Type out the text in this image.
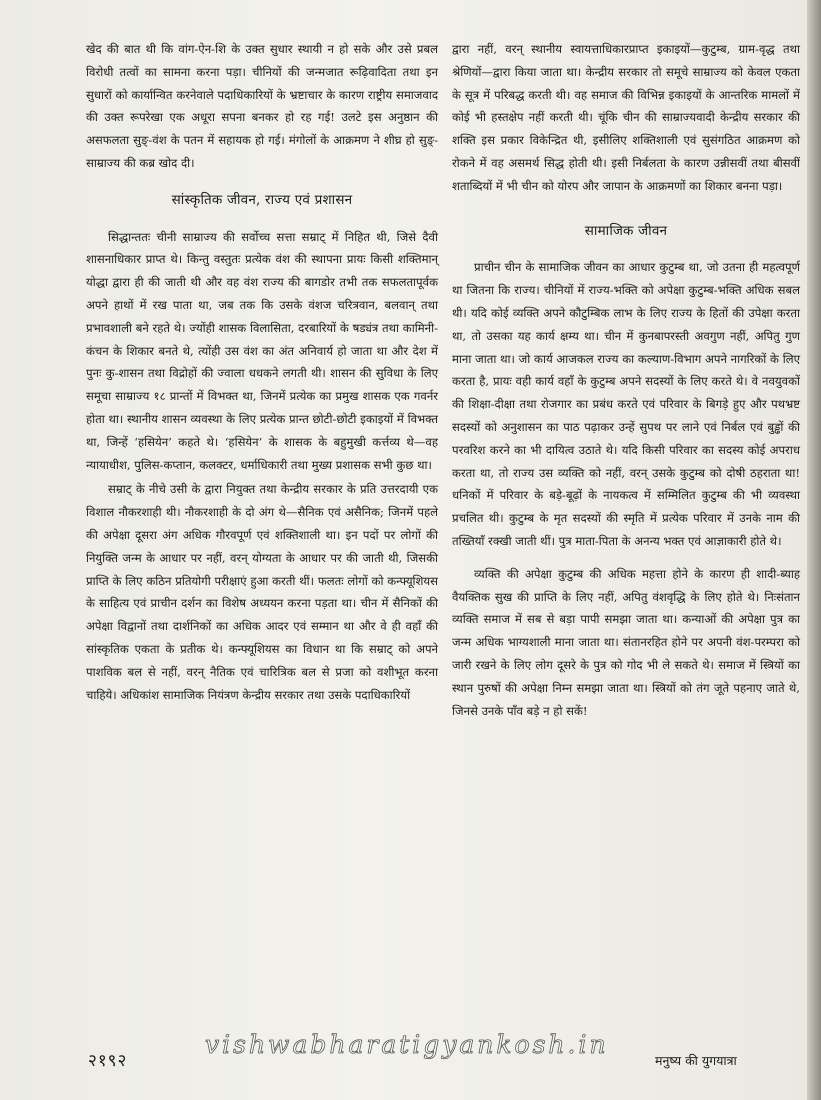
खेद की बात थी कि वांग-ऐन-शि के उक्त सुधार स्थायी न हो सके और उसे प्रबल विरोधी तत्वों का सामना करना पड़ा। चीनियों की जन्मजात रूढ़िवादिता तथा इन सुधारों को कार्यान्वित करनेवाले पदाधिकारियों के भ्रष्टाचार के कारण राष्ट्रीय समाजवाद की उक्त रूपरेखा एक अधूरा सपना बनकर हो रह गई! उलटे इस अनुष्ठान की असफलता सुङ्-वंश के पतन में सहायक हो गई। मंगोलों के आक्रमण ने शीघ्र हो सुङ्-साम्राज्य की कब्र खोद दी।

सांस्कृतिक जीवन, राज्य एवं प्रशासन

सिद्धान्ततः चीनी साम्राज्य की सर्वोच्च सत्ता सम्राट् में निहित थी, जिसे दैवी शासनाधिकार प्राप्त थे। किन्तु वस्तुतः प्रत्येक वंश की स्थापना प्रायः किसी शक्तिमान् योद्धा द्वारा ही की जाती थी और वह वंश राज्य की बागडोर तभी तक सफलतापूर्वक अपने हाथों में रख पाता था, जब तक कि उसके वंशज चरित्रवान, बलवान् तथा प्रभावशाली बने रहते थे। ज्योंही शासक विलासिता, दरबारियों के षड्यंत्र तथा कामिनी-कंचन के शिकार बनते थे, त्योंही उस वंश का अंत अनिवार्य हो जाता था और देश में पुनः कु-शासन तथा विद्रोहों की ज्वाला धधकने लगती थी। शासन की सुविधा के लिए समूचा साम्राज्य १८ प्रान्तों में विभक्त था, जिनमें प्रत्येक का प्रमुख शासक एक गवर्नर होता था। स्थानीय शासन व्यवस्था के लिए प्रत्येक प्रान्त छोटी-छोटी इकाइयों में विभक्त था, जिन्हें ‘हसियेन’ कहते थे। ‘हसियेन’ के शासक के बहुमुखी कर्त्तव्य थे—वह न्यायाधीश, पुलिस-कप्तान, कलक्टर, धर्माधिकारी तथा मुख्य प्रशासक सभी कुछ था।

सम्राट् के नीचे उसी के द्वारा नियुक्त तथा केन्द्रीय सरकार के प्रति उत्तरदायी एक विशाल नौकरशाही थी। नौकरशाही के दो अंग थे—सैनिक एवं असैनिक; जिनमें पहले की अपेक्षा दूसरा अंग अधिक गौरवपूर्ण एवं शक्तिशाली था। इन पदों पर लोगों की नियुक्ति जन्म के आधार पर नहीं, वरन् योग्यता के आधार पर की जाती थी, जिसकी प्राप्ति के लिए कठिन प्रतियोगी परीक्षाएं हुआ करती थीं। फलतः लोगों को कन्फ्यूशियस के साहित्य एवं प्राचीन दर्शन का विशेष अध्ययन करना पड़ता था। चीन में सैनिकों की अपेक्षा विद्वानों तथा दार्शनिकों का अधिक आदर एवं सम्मान था और वे ही वहाँ की सांस्कृतिक एकता के प्रतीक थे। कन्फ्यूशियस का विधान था कि सम्राट् को अपने पाशविक बल से नहीं, वरन् नैतिक एवं चारित्रिक बल से प्रजा को वशीभूत करना चाहिये। अधिकांश सामाजिक नियंत्रण केन्द्रीय सरकार तथा उसके पदाधिकारियों

द्वारा नहीं, वरन् स्थानीय स्वायत्ताधिकारप्राप्त इकाइयों—कुटुम्ब, ग्राम-वृद्ध तथा श्रेणियों—द्वारा किया जाता था। केन्द्रीय सरकार तो समूचे साम्राज्य को केवल एकता के सूत्र में परिबद्ध करती थी। वह समाज की विभिन्न इकाइयों के आन्तरिक मामलों में कोई भी हस्तक्षेप नहीं करती थी। चूंकि चीन की साम्राज्यवादी केन्द्रीय सरकार की शक्ति इस प्रकार विकेन्द्रित थी, इसीलिए शक्तिशाली एवं सुसंगठित आक्रमण को रोकने में वह असमर्थ सिद्ध होती थी। इसी निर्बलता के कारण उन्नीसवीं तथा बीसवीं शताब्दियों में भी चीन को योरप और जापान के आक्रमणों का शिकार बनना पड़ा।

सामाजिक जीवन

प्राचीन चीन के सामाजिक जीवन का आधार कुटुम्ब था, जो उतना ही महत्वपूर्ण था जितना कि राज्य। चीनियों में राज्य-भक्ति को अपेक्षा कुटुम्ब-भक्ति अधिक सबल थी। यदि कोई व्यक्ति अपने कौटुम्बिक लाभ के लिए राज्य के हितों की उपेक्षा करता था, तो उसका यह कार्य क्षम्य था। चीन में कुनबापरस्ती अवगुण नहीं, अपितु गुण माना जाता था। जो कार्य आजकल राज्य का कल्याण-विभाग अपने नागरिकों के लिए करता है, प्रायः वही कार्य वहाँ के कुटुम्ब अपने सदस्यों के लिए करते थे। वे नवयुवकों की शिक्षा-दीक्षा तथा रोजगार का प्रबंध करते एवं परिवार के बिगड़े हुए और पथभ्रष्ट सदस्यों को अनुशासन का पाठ पढ़ाकर उन्हें सुपथ पर लाने एवं निर्बल एवं बुड्ढों की परवरिश करने का भी दायित्व उठाते थे। यदि किसी परिवार का सदस्य कोई अपराध करता था, तो राज्य उस व्यक्ति को नहीं, वरन् उसके कुटुम्ब को दोषी ठहराता था! धनिकों में परिवार के बड़े-बूढ़ों के नायकत्व में सम्मिलित कुटुम्ब की भी व्यवस्था प्रचलित थी। कुटुम्ब के मृत सदस्यों की स्मृति में प्रत्येक परिवार में उनके नाम की तख्तियाँ रक्खी जाती थीं। पुत्र माता-पिता के अनन्य भक्त एवं आज्ञाकारी होते थे।

व्यक्ति की अपेक्षा कुटुम्ब की अधिक महत्ता होने के कारण ही शादी-ब्याह वैयक्तिक सुख की प्राप्ति के लिए नहीं, अपितु वंशवृद्धि के लिए होते थे। निःसंतान व्यक्ति समाज में सब से बड़ा पापी समझा जाता था। कन्याओं की अपेक्षा पुत्र का जन्म अधिक भाग्यशाली माना जाता था। संतानरहित होने पर अपनी वंश-परम्परा को जारी रखने के लिए लोग दूसरे के पुत्र को गोद भी ले सकते थे। समाज में स्त्रियों का स्थान पुरुषों की अपेक्षा निम्न समझा जाता था। स्त्रियों को तंग जूते पहनाए जाते थे, जिनसे उनके पाँव बड़े न हो सकें!

२१९२
vishwabharatigyankosh.in
मनुष्य की युगयात्रा
